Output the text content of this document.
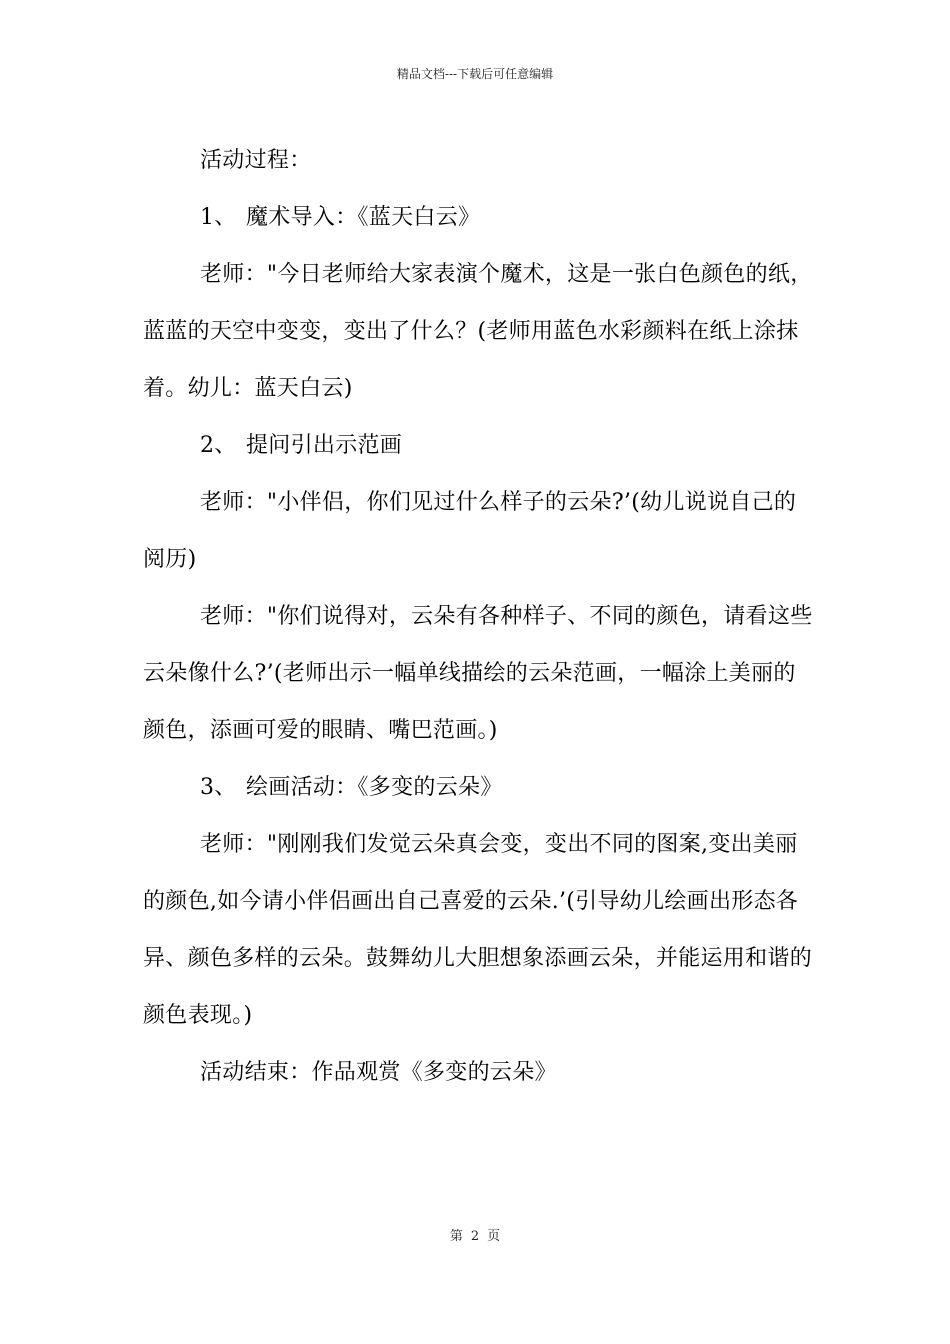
精品文档---下载后可任意编辑

活动过程：

1、 魔术导入：《蓝天白云》

老师："今日老师给大家表演个魔术，这是一张白色颜色的纸，蓝蓝的天空中变变，变出了什么？(老师用蓝色水彩颜料在纸上涂抹着。幼儿：蓝天白云)

2、 提问引出示范画

老师："小伴侣，你们见过什么样子的云朵?’(幼儿说说自己的阅历)

老师："你们说得对，云朵有各种样子、不同的颜色，请看这些云朵像什么?’(老师出示一幅单线描绘的云朵范画，一幅涂上美丽的颜色，添画可爱的眼睛、嘴巴范画。)

3、 绘画活动：《多变的云朵》

老师："刚刚我们发觉云朵真会变，变出不同的图案,变出美丽的颜色,如今请小伴侣画出自己喜爱的云朵.’(引导幼儿绘画出形态各异、颜色多样的云朵。鼓舞幼儿大胆想象添画云朵，并能运用和谐的颜色表现。)

活动结束：作品观赏《多变的云朵》

第 2 页
